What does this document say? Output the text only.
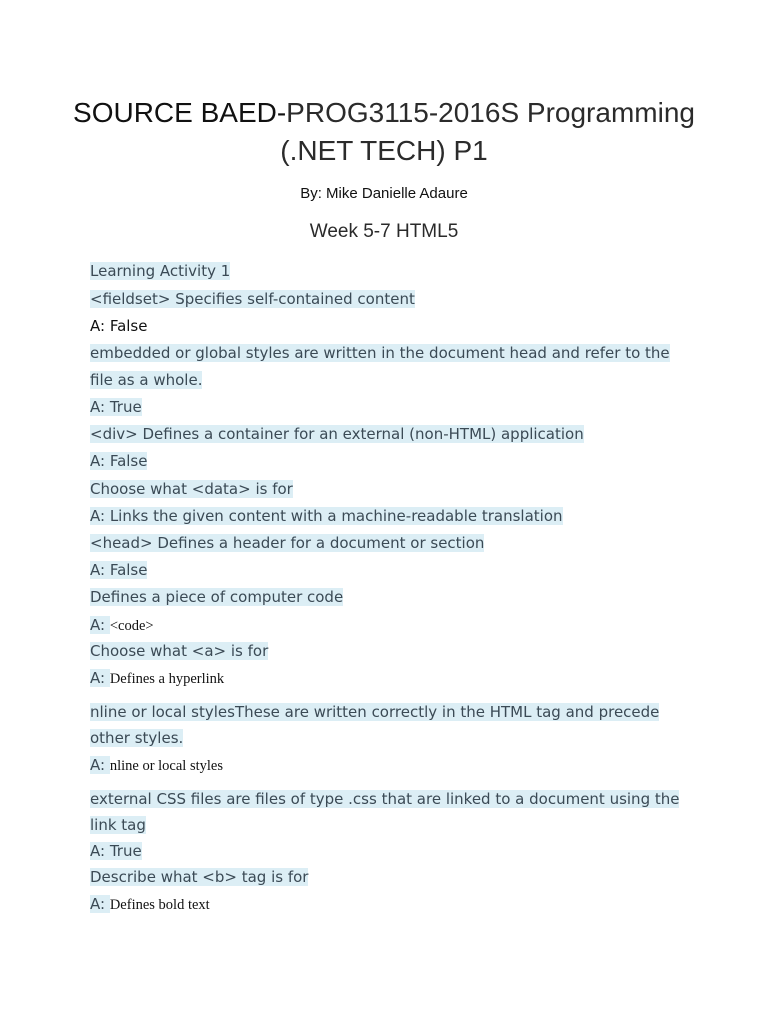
SOURCE BAED-PROG3115-2016S Programming
(.NET TECH) P1
By: Mike Danielle Adaure
Week 5-7 HTML5
Learning Activity 1
<fieldset> Specifies self-contained content
A: False
embedded or global styles are written in the document head and refer to the
file as a whole.
A: True
<div> Defines a container for an external (non-HTML) application
A: False
Choose what <data> is for
A: Links the given content with a machine-readable translation
<head> Defines a header for a document or section
A: False
Defines a piece of computer code
A: <code>
Choose what <a> is for
A: Defines a hyperlink
nline or local stylesThese are written correctly in the HTML tag and precede
other styles.
A: nline or local styles
external CSS files are files of type .css that are linked to a document using the
link tag
A: True
Describe what <b> tag is for
A: Defines bold text
